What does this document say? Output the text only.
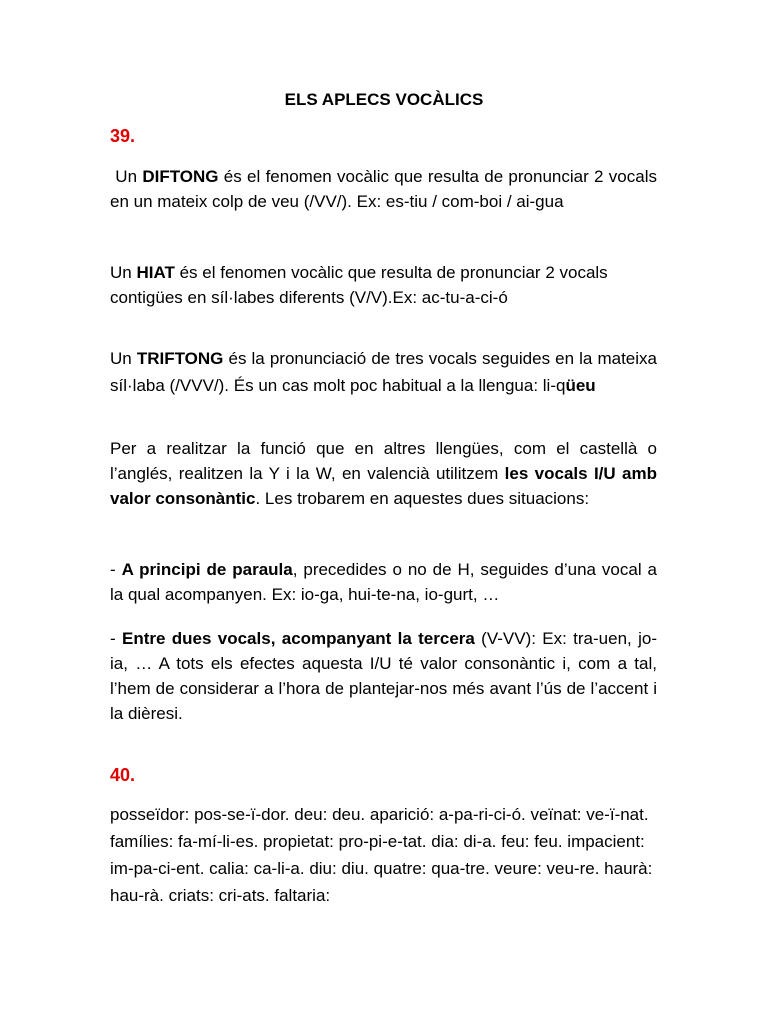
ELS APLECS VOCÀLICS
39.

Un DIFTONG és el fenomen vocàlic que resulta de pronunciar 2 vocals en un mateix colp de veu (/VV/). Ex: es-tiu / com-boi / ai-gua

Un HIAT és el fenomen vocàlic que resulta de pronunciar 2 vocals contigües en síl·labes diferents (V/V).Ex: ac-tu-a-ci-ó

Un TRIFTONG és la pronunciació de tres vocals seguides en la mateixa síl·laba (/VVV/). És un cas molt poc habitual a la llengua: li-qüeu

Per a realitzar la funció que en altres llengües, com el castellà o l’anglés, realitzen la Y i la W, en valencià utilitzem les vocals I/U amb valor consonàntic. Les trobarem en aquestes dues situacions:

- A principi de paraula, precedides o no de H, seguides d’una vocal a la qual acompanyen. Ex: io-ga, hui-te-na, io-gurt, …

- Entre dues vocals, acompanyant la tercera (V-VV): Ex: tra-uen, jo-ia, … A tots els efectes aquesta I/U té valor consonàntic i, com a tal, l’hem de considerar a l’hora de plantejar-nos més avant l’ús de l’accent i la dièresi.

40.

posseïdor: pos-se-ï-dor. deu: deu. aparició: a-pa-ri-ci-ó. veïnat: ve-ï-nat. famílies: fa-mí-li-es. propietat: pro-pi-e-tat. dia: di-a. feu: feu. impacient: im-pa-ci-ent. calia: ca-li-a. diu: diu. quatre: qua-tre. veure: veu-re. haurà: hau-rà. criats: cri-ats. faltaria:
